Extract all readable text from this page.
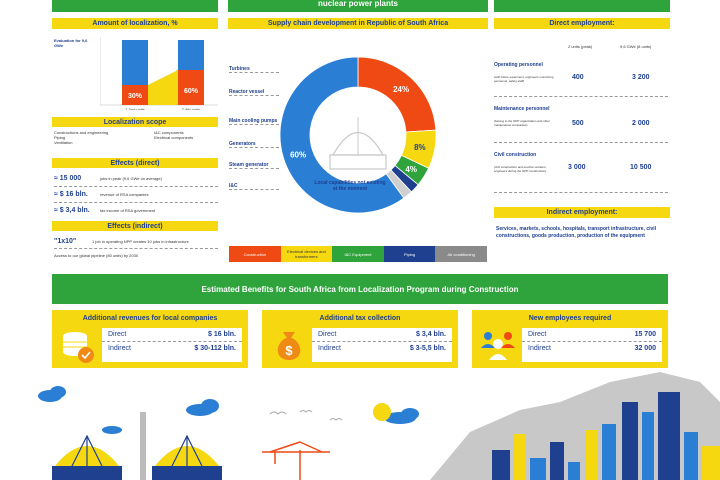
nuclear power plants
Amount of localization, %
Evaluation for 9,6 GWe
30%
60%
1-2nd units	7-8th units
Localization scope
Constructions and engineering
Piping
Ventilation
I&C components
Electrical components
Effects (direct)
≈ 15 000	jobs in peak (9,6 GWe on average)
≈ $ 16 bln.	revenue of RSA companies
≈ $ 3,4 bln.	tax income of RSA government
Effects (indirect)
"1x10"	1 job in operating NPP creates 10 jobs in infrastructure
Access to our global pipeline (80 units) by 2030
Supply chain development in Republic of South Africa
Turbines
Reactor vessel
Main cooling pumps
Generators
Steam generator
I&C
24%
8%
4%
60%
Local capabilities not existing at the moment
Construction	Electrical devices and transformers	I&C Equipment	Piping	Air conditioning
Direct employment:
2 units (peak)	9,6 GWe (8 units)
Operating personnel
(with future equipment, engineers monitoring personnel, safety staff)	400	3 200
Maintenance personnel
(belong to the NPP organization and other maintenance companies)	500	2 000
Civil construction
(civil construction and erection workers, engineers during the NPP construction)	3 000	10 500
Indirect employment:
Services, markets, schools, hospitals, transport infrastructure, civil constructions, goods production, production of the equipment
Estimated Benefits for South Africa from Localization Program during Construction
Additional revenues for local companies
Direct	$ 16 bln.
Indirect	$ 30-112 bln.
Additional tax collection
$
Direct	$ 3,4 bln.
Indirect	$ 3-5,5 bln.
New employees required
Direct	15 700
Indirect	32 000
